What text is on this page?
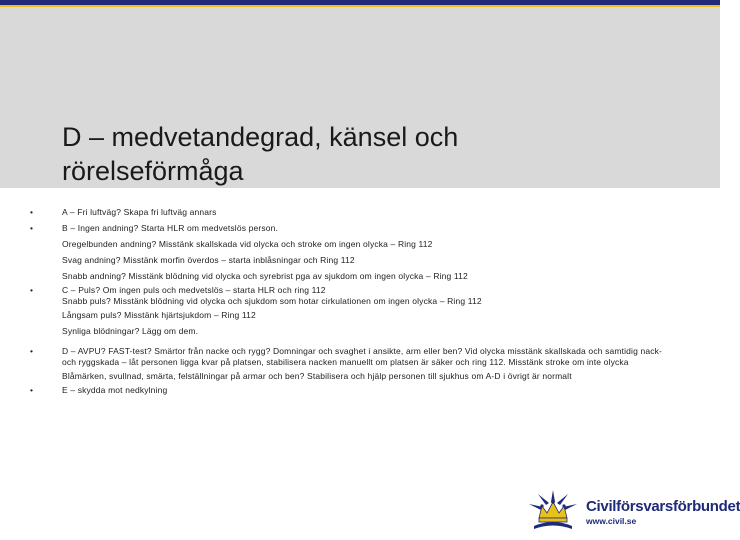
D – medvetandegrad, känsel och
rörelseförmåga
•	A – Fri luftväg? Skapa fri luftväg annars
•	B – Ingen andning? Starta HLR om medvetslös person.
Oregelbunden andning? Misstänk skallskada vid olycka och stroke om ingen olycka – Ring 112
Svag andning? Misstänk morfin överdos – starta inblåsningar och Ring 112
Snabb andning? Misstänk blödning vid olycka och syrebrist pga av sjukdom om ingen olycka – Ring 112
•	C – Puls? Om ingen puls och medvetslös – starta HLR och ring 112
Snabb puls? Misstänk blödning vid olycka och sjukdom som hotar cirkulationen om ingen olycka – Ring 112
Långsam puls? Misstänk hjärtsjukdom – Ring 112
Synliga blödningar? Lägg om dem.
•	D – AVPU? FAST-test? Smärtor från nacke och rygg? Domningar och svaghet i ansikte, arm eller ben? Vid olycka misstänk skallskada och samtidig nack- och ryggskada – låt personen ligga kvar på platsen, stabilisera nacken manuellt om platsen är säker och ring 112. Misstänk stroke om inte olycka
Blåmärken, svullnad, smärta, felställningar på armar och ben? Stabilisera och hjälp personen till sjukhus om A-D i övrigt är normalt
•	E – skydda mot nedkylning
Civilförsvarsförbundet
www.civil.se
